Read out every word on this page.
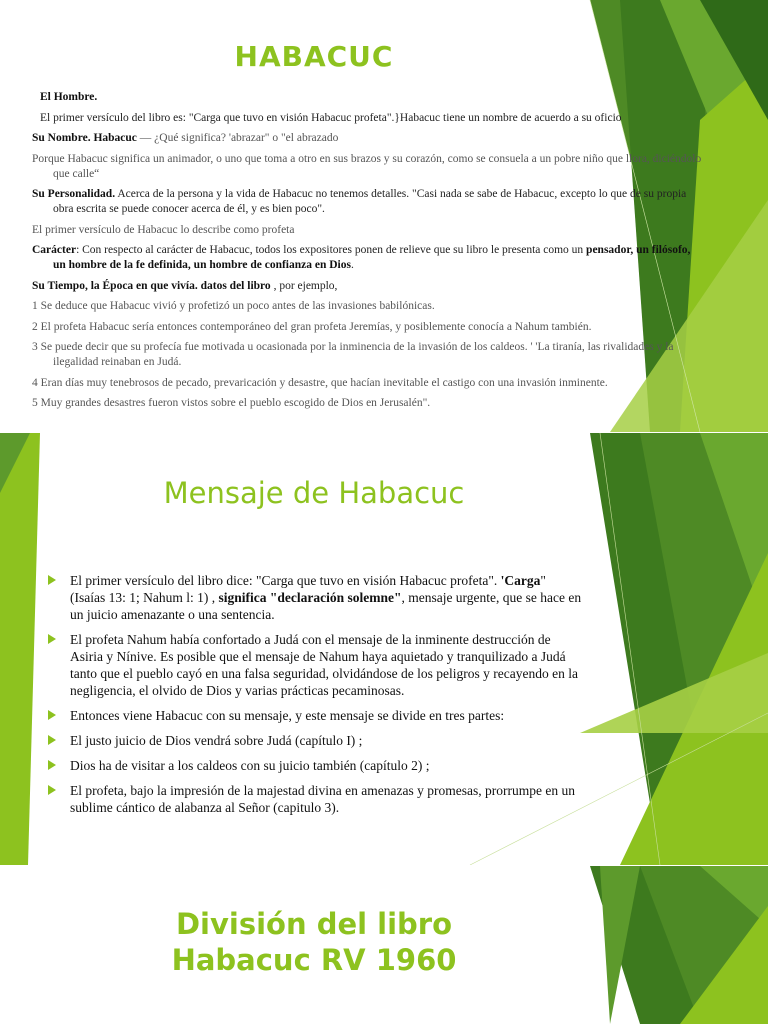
HABACUC

El Hombre.

El primer versículo del libro es: "Carga que tuvo en visión Habacuc profeta".}Habacuc tiene un nombre de acuerdo a su oficio

Su Nombre. Habacuc — ¿Qué significa? 'abrazar" o "el abrazado

Porque Habacuc significa un animador, o uno que toma a otro en sus brazos y su corazón, como se consuela a un pobre niño que llora, diciéndolo que calle“

Su Personalidad. Acerca de la persona y la vida de Habacuc no tenemos detalles. "Casi nada se sabe de Habacuc, excepto lo que de su propia obra escrita se puede conocer acerca de él, y es bien poco".

El primer versículo de Habacuc lo describe como profeta

Carácter: Con respecto al carácter de Habacuc, todos los expositores ponen de relieve que su libro le presenta como un pensador, un filósofo, un hombre de la fe definida, un hombre de confianza en Dios.

Su Tiempo, la Época en que vivía. datos del libro , por ejemplo,

1 Se deduce que Habacuc vivió y profetizó un poco antes de las invasiones babilónicas.

2 El profeta Habacuc sería entonces contemporáneo del gran profeta Jeremías, y posiblemente conocía a Nahum también.

3 Se puede decir que su profecía fue motivada u ocasionada por la inminencia de la invasión de los caldeos. ' 'La tiranía, las rivalidades y la ilegalidad reinaban en Judá.

4 Eran días muy tenebrosos de pecado, prevaricación y desastre, que hacían inevitable el castigo con una invasión inminente.

5 Muy grandes desastres fueron vistos sobre el pueblo escogido de Dios en Jerusalén".

Mensaje de Habacuc
El primer versículo del libro dice: "Carga que tuvo en visión Habacuc profeta". 'Carga" (Isaías 13: 1; Nahum l: 1) , significa "declaración solemne", mensaje urgente, que se hace en un juicio amenazante o una sentencia.
El profeta Nahum había confortado a Judá con el mensaje de la inminente destrucción de Asiria y Nínive. Es posible que el mensaje de Nahum haya aquietado y tranquilizado a Judá tanto que el pueblo cayó en una falsa seguridad, olvidándose de los peligros y recayendo en la negligencia, el olvido de Dios y varias prácticas pecaminosas.
Entonces viene Habacuc con su mensaje, y este mensaje se divide en tres partes:
El justo juicio de Dios vendrá sobre Judá (capítulo I) ;
Dios ha de visitar a los caldeos con su juicio también (capítulo 2) ;
El profeta, bajo la impresión de la majestad divina en amenazas y promesas, prorrumpe en un sublime cántico de alabanza al Señor (capitulo 3).
División del libro
Habacuc RV 1960
